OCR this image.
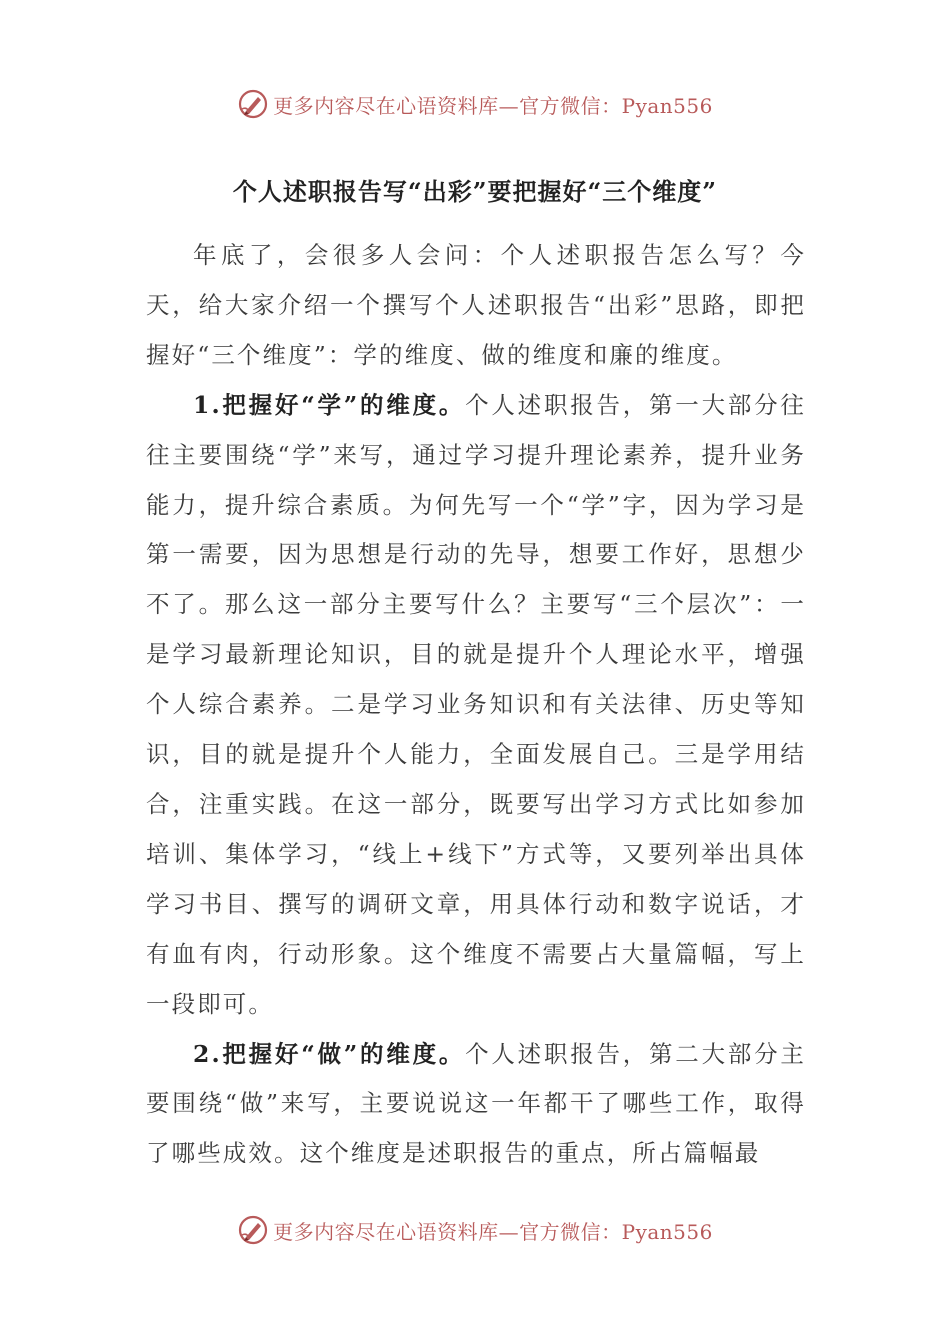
更多内容尽在心语资料库—官方微信：Pyan556
个人述职报告写“出彩”要把握好“三个维度”

年底了，会很多人会问：个人述职报告怎么写？今天，给大家介绍一个撰写个人述职报告“出彩”思路，即把握好“三个维度”：学的维度、做的维度和廉的维度。

1.把握好“学”的维度。个人述职报告，第一大部分往往主要围绕“学”来写，通过学习提升理论素养，提升业务能力，提升综合素质。为何先写一个“学”字，因为学习是第一需要，因为思想是行动的先导，想要工作好，思想少不了。那么这一部分主要写什么？主要写“三个层次”：一是学习最新理论知识，目的就是提升个人理论水平，增强个人综合素养。二是学习业务知识和有关法律、历史等知识，目的就是提升个人能力，全面发展自己。三是学用结合，注重实践。在这一部分，既要写出学习方式比如参加培训、集体学习，“线上+线下”方式等，又要列举出具体学习书目、撰写的调研文章，用具体行动和数字说话，才有血有肉，行动形象。这个维度不需要占大量篇幅，写上一段即可。

2.把握好“做”的维度。个人述职报告，第二大部分主要围绕“做”来写，主要说说这一年都干了哪些工作，取得了哪些成效。这个维度是述职报告的重点，所占篇幅最

更多内容尽在心语资料库—官方微信：Pyan556
